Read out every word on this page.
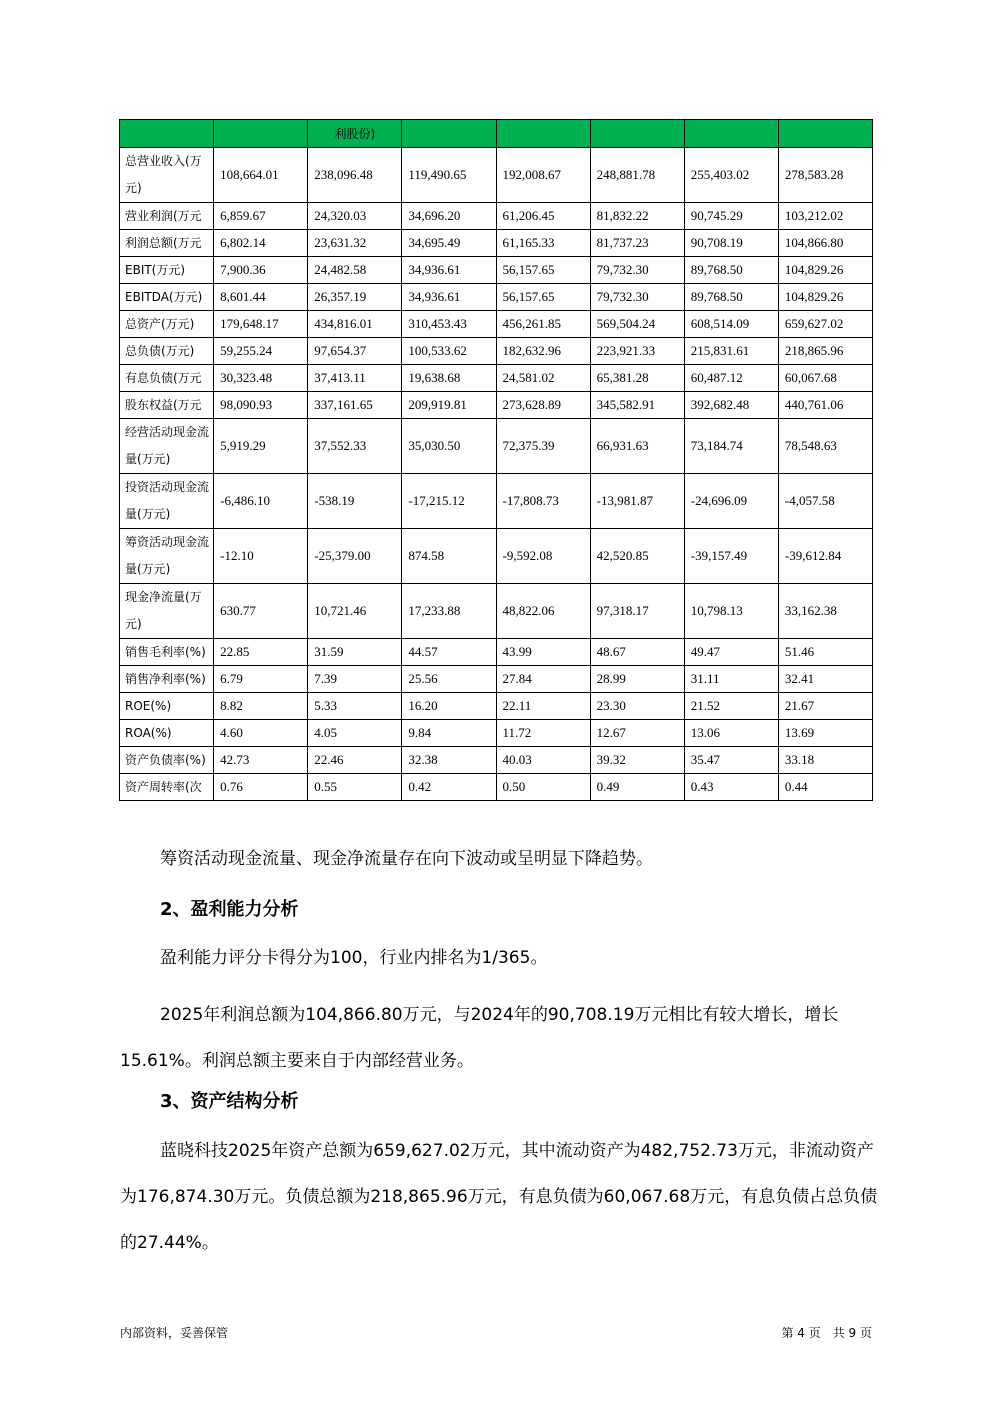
		利股份)					
总营业收入(万元)	108,664.01	238,096.48	119,490.65	192,008.67	248,881.78	255,403.02	278,583.28
营业利润(万元	6,859.67	24,320.03	34,696.20	61,206.45	81,832.22	90,745.29	103,212.02
利润总额(万元	6,802.14	23,631.32	34,695.49	61,165.33	81,737.23	90,708.19	104,866.80
EBIT(万元)	7,900.36	24,482.58	34,936.61	56,157.65	79,732.30	89,768.50	104,829.26
EBITDA(万元)	8,601.44	26,357.19	34,936.61	56,157.65	79,732.30	89,768.50	104,829.26
总资产(万元)	179,648.17	434,816.01	310,453.43	456,261.85	569,504.24	608,514.09	659,627.02
总负债(万元)	59,255.24	97,654.37	100,533.62	182,632.96	223,921.33	215,831.61	218,865.96
有息负债(万元	30,323.48	37,413.11	19,638.68	24,581.02	65,381.28	60,487.12	60,067.68
股东权益(万元	98,090.93	337,161.65	209,919.81	273,628.89	345,582.91	392,682.48	440,761.06
经营活动现金流量(万元)	5,919.29	37,552.33	35,030.50	72,375.39	66,931.63	73,184.74	78,548.63
投资活动现金流量(万元)	-6,486.10	-538.19	-17,215.12	-17,808.73	-13,981.87	-24,696.09	-4,057.58
筹资活动现金流量(万元)	-12.10	-25,379.00	874.58	-9,592.08	42,520.85	-39,157.49	-39,612.84
现金净流量(万元)	630.77	10,721.46	17,233.88	48,822.06	97,318.17	10,798.13	33,162.38
销售毛利率(%)	22.85	31.59	44.57	43.99	48.67	49.47	51.46
销售净利率(%)	6.79	7.39	25.56	27.84	28.99	31.11	32.41
ROE(%)	8.82	5.33	16.20	22.11	23.30	21.52	21.67
ROA(%)	4.60	4.05	9.84	11.72	12.67	13.06	13.69
资产负债率(%)	42.73	22.46	32.38	40.03	39.32	35.47	33.18
资产周转率(次	0.76	0.55	0.42	0.50	0.49	0.43	0.44

筹资活动现金流量、现金净流量存在向下波动或呈明显下降趋势。

2、盈利能力分析

盈利能力评分卡得分为100，行业内排名为1/365。

2025年利润总额为104,866.80万元，与2024年的90,708.19万元相比有较大增长，增长15.61%。利润总额主要来自于内部经营业务。

3、资产结构分析

蓝晓科技2025年资产总额为659,627.02万元，其中流动资产为482,752.73万元，非流动资产为176,874.30万元。负债总额为218,865.96万元，有息负债为60,067.68万元，有息负债占总负债的27.44%。

内部资料，妥善保管	第 4 页　共 9 页
